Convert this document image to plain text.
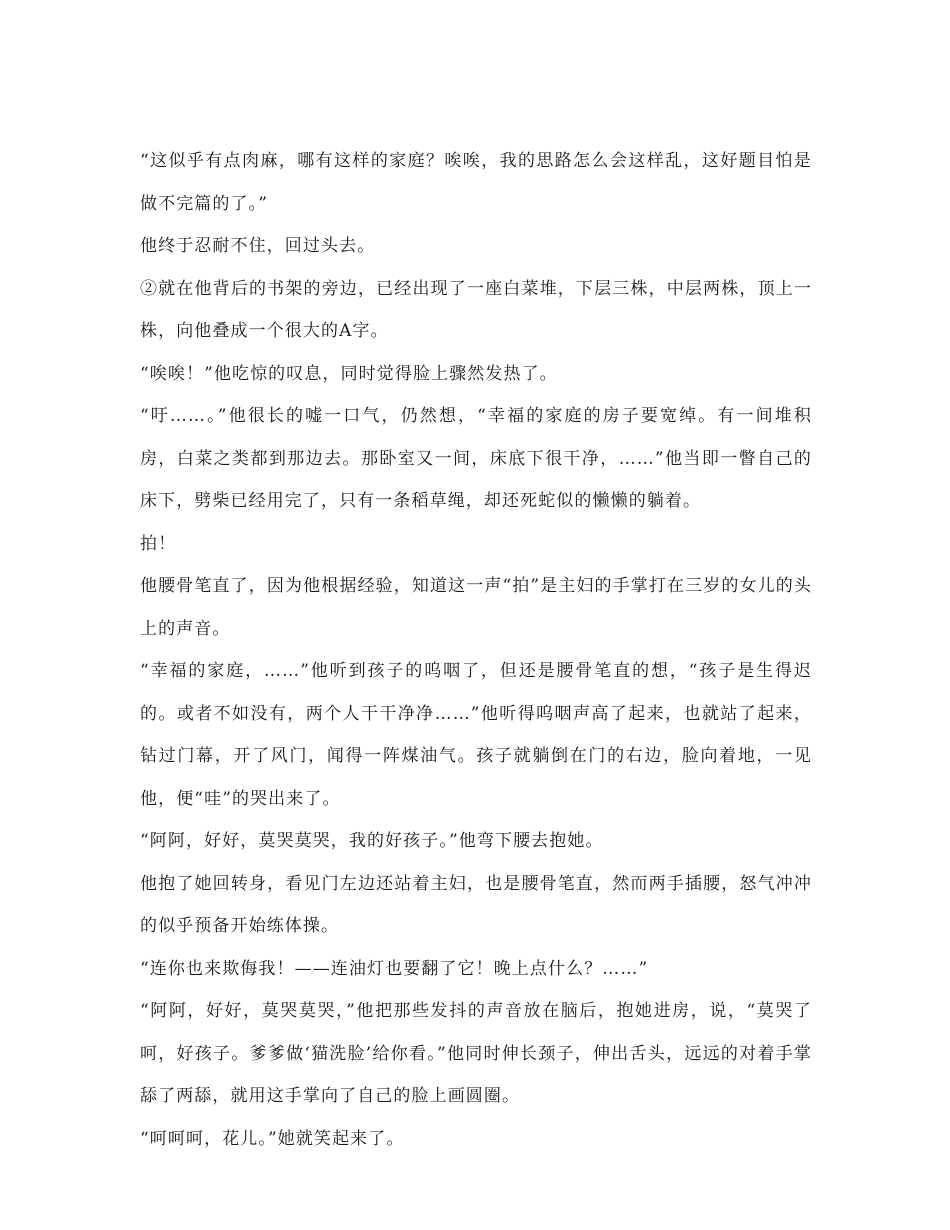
“这似乎有点肉麻，哪有这样的家庭？唉唉，我的思路怎么会这样乱，这好题目怕是做不完篇的了。”

他终于忍耐不住，回过头去。

②就在他背后的书架的旁边，已经出现了一座白菜堆，下层三株，中层两株，顶上一株，向他叠成一个很大的A字。

“唉唉！”他吃惊的叹息，同时觉得脸上骤然发热了。

“吁……。”他很长的嘘一口气，仍然想，“幸福的家庭的房子要宽绰。有一间堆积房，白菜之类都到那边去。那卧室又一间，床底下很干净，……”他当即一瞥自己的床下，劈柴已经用完了，只有一条稻草绳，却还死蛇似的懒懒的躺着。

拍！

他腰骨笔直了，因为他根据经验，知道这一声“拍”是主妇的手掌打在三岁的女儿的头上的声音。

“幸福的家庭，……”他听到孩子的呜咽了，但还是腰骨笔直的想，“孩子是生得迟的。或者不如没有，两个人干干净净……”他听得呜咽声高了起来，也就站了起来，钻过门幕，开了风门，闻得一阵煤油气。孩子就躺倒在门的右边，脸向着地，一见他，便“哇”的哭出来了。

“阿阿，好好，莫哭莫哭，我的好孩子。”他弯下腰去抱她。

他抱了她回转身，看见门左边还站着主妇，也是腰骨笔直，然而两手插腰，怒气冲冲的似乎预备开始练体操。

“连你也来欺侮我！——连油灯也要翻了它！晚上点什么？……”

“阿阿，好好，莫哭莫哭，”他把那些发抖的声音放在脑后，抱她进房，说，“莫哭了呵，好孩子。爹爹做‘猫洗脸’给你看。”他同时伸长颈子，伸出舌头，远远的对着手掌舔了两舔，就用这手掌向了自己的脸上画圆圈。

“呵呵呵，花儿。”她就笑起来了。
